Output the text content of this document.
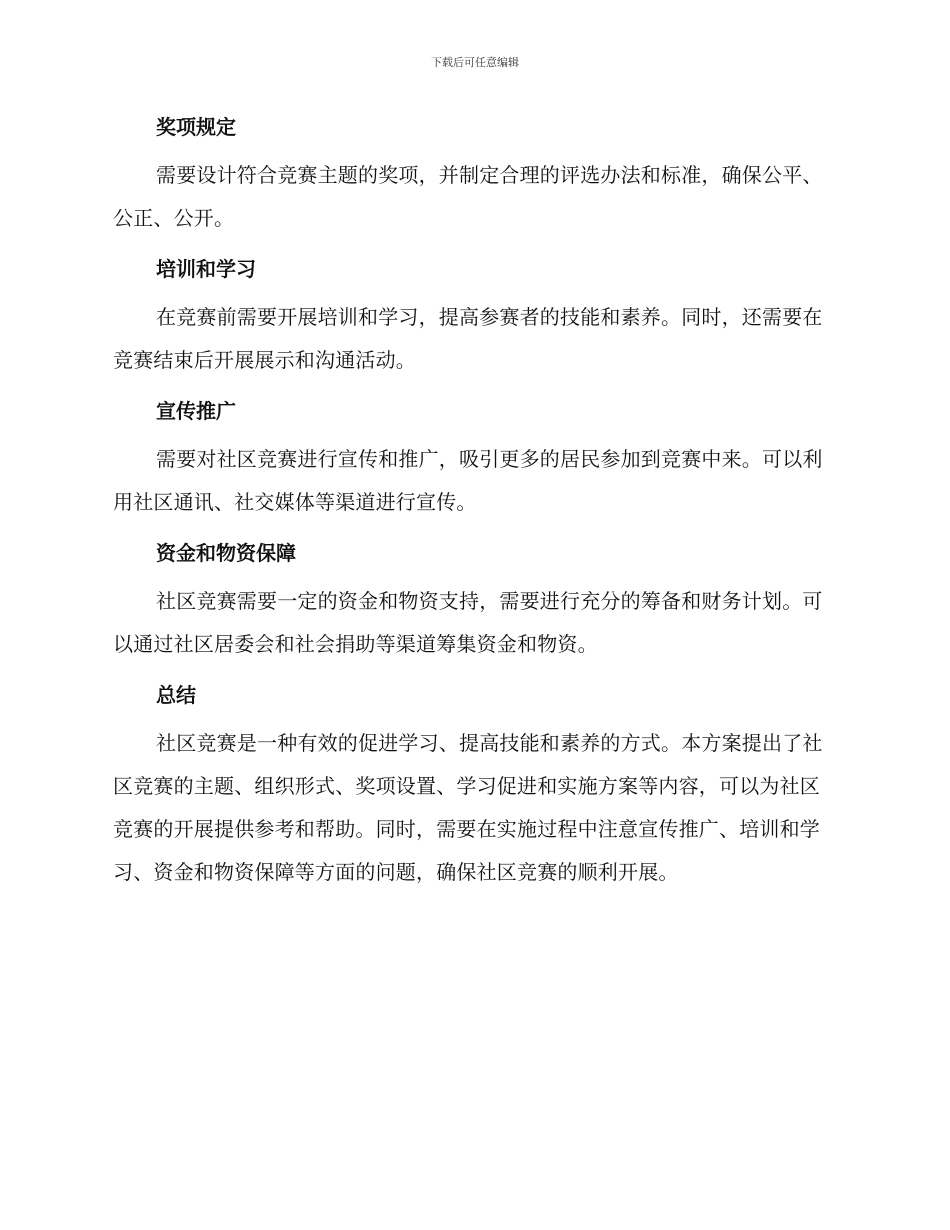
下载后可任意编辑
奖项规定

需要设计符合竞赛主题的奖项，并制定合理的评选办法和标准，确保公平、公正、公开。

培训和学习

在竞赛前需要开展培训和学习，提高参赛者的技能和素养。同时，还需要在竞赛结束后开展展示和沟通活动。

宣传推广

需要对社区竞赛进行宣传和推广，吸引更多的居民参加到竞赛中来。可以利用社区通讯、社交媒体等渠道进行宣传。

资金和物资保障

社区竞赛需要一定的资金和物资支持，需要进行充分的筹备和财务计划。可以通过社区居委会和社会捐助等渠道筹集资金和物资。

总结

社区竞赛是一种有效的促进学习、提高技能和素养的方式。本方案提出了社区竞赛的主题、组织形式、奖项设置、学习促进和实施方案等内容，可以为社区竞赛的开展提供参考和帮助。同时，需要在实施过程中注意宣传推广、培训和学习、资金和物资保障等方面的问题，确保社区竞赛的顺利开展。
